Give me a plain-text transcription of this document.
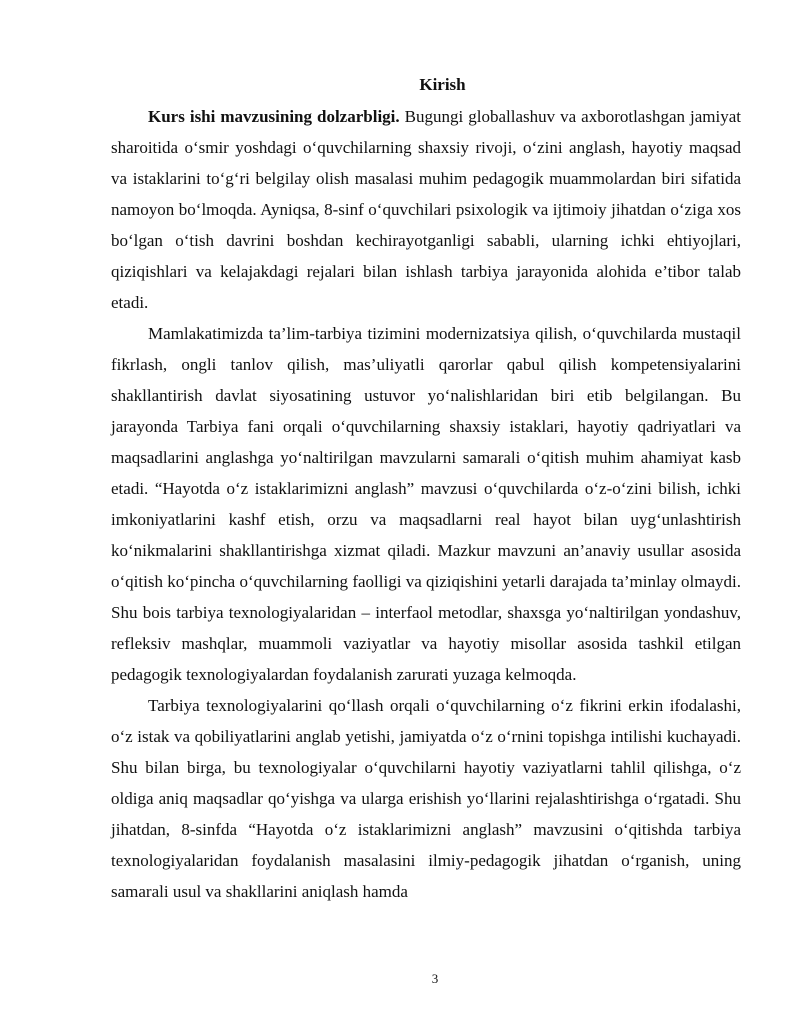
Kirish

Kurs ishi mavzusining dolzarbligi. Bugungi globallashuv va axborotlashgan jamiyat sharoitida o‘smir yoshdagi o‘quvchilarning shaxsiy rivoji, o‘zini anglash, hayotiy maqsad va istaklarini to‘g‘ri belgilay olish masalasi muhim pedagogik muammolardan biri sifatida namoyon bo‘lmoqda. Ayniqsa, 8-sinf o‘quvchilari psixologik va ijtimoiy jihatdan o‘ziga xos bo‘lgan o‘tish davrini boshdan kechirayotganligi sababli, ularning ichki ehtiyojlari, qiziqishlari va kelajakdagi rejalari bilan ishlash tarbiya jarayonida alohida e’tibor talab etadi.

Mamlakatimizda ta’lim-tarbiya tizimini modernizatsiya qilish, o‘quvchilarda mustaqil fikrlash, ongli tanlov qilish, mas’uliyatli qarorlar qabul qilish kompetensiyalarini shakllantirish davlat siyosatining ustuvor yo‘nalishlaridan biri etib belgilangan. Bu jarayonda Tarbiya fani orqali o‘quvchilarning shaxsiy istaklari, hayotiy qadriyatlari va maqsadlarini anglashga yo‘naltirilgan mavzularni samarali o‘qitish muhim ahamiyat kasb etadi. “Hayotda o‘z istaklarimizni anglash” mavzusi o‘quvchilarda o‘z-o‘zini bilish, ichki imkoniyatlarini kashf etish, orzu va maqsadlarni real hayot bilan uyg‘unlashtirish ko‘nikmalarini shakllantirishga xizmat qiladi. Mazkur mavzuni an’anaviy usullar asosida o‘qitish ko‘pincha o‘quvchilarning faolligi va qiziqishini yetarli darajada ta’minlay olmaydi. Shu bois tarbiya texnologiyalaridan – interfaol metodlar, shaxsga yo‘naltirilgan yondashuv, refleksiv mashqlar, muammoli vaziyatlar va hayotiy misollar asosida tashkil etilgan pedagogik texnologiyalardan foydalanish zarurati yuzaga kelmoqda.

Tarbiya texnologiyalarini qo‘llash orqali o‘quvchilarning o‘z fikrini erkin ifodalashi, o‘z istak va qobiliyatlarini anglab yetishi, jamiyatda o‘z o‘rnini topishga intilishi kuchayadi. Shu bilan birga, bu texnologiyalar o‘quvchilarni hayotiy vaziyatlarni tahlil qilishga, o‘z oldiga aniq maqsadlar qo‘yishga va ularga erishish yo‘llarini rejalashtirishga o‘rgatadi. Shu jihatdan, 8-sinfda “Hayotda o‘z istaklarimizni anglash” mavzusini o‘qitishda tarbiya texnologiyalaridan foydalanish masalasini ilmiy-pedagogik jihatdan o‘rganish, uning samarali usul va shakllarini aniqlash hamda

3
